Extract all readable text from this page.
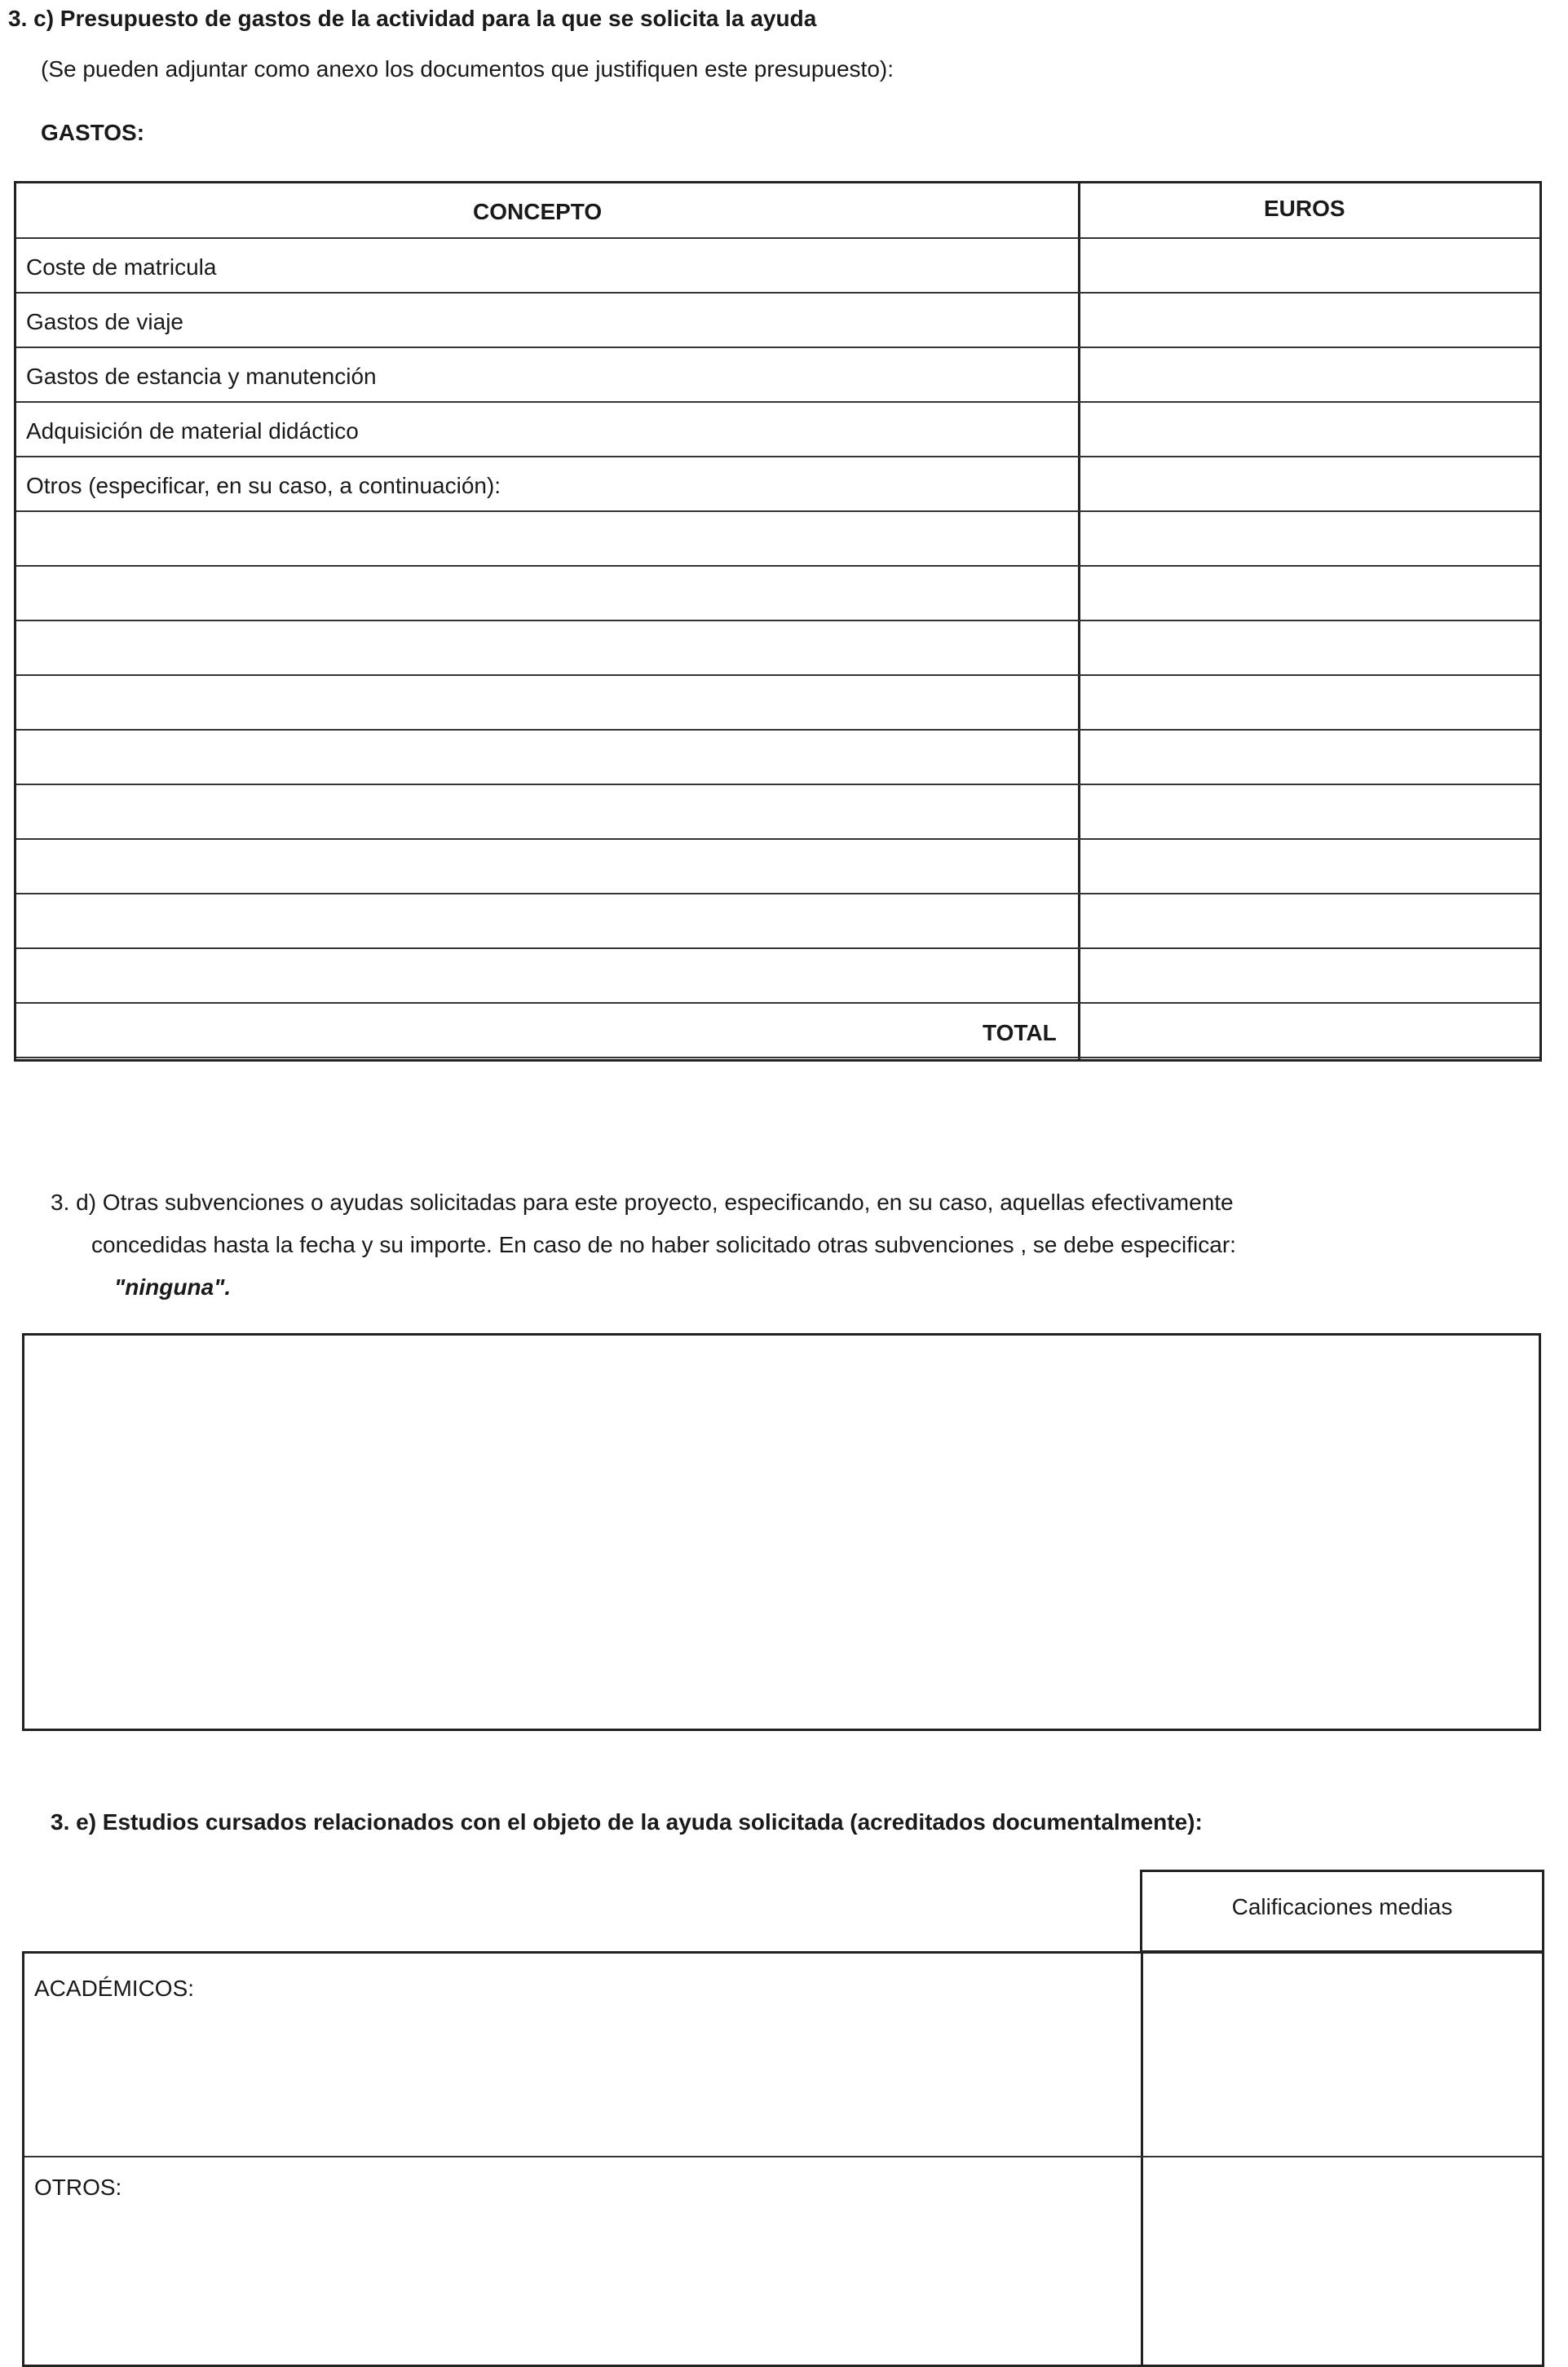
3. c) Presupuesto de gastos de la actividad para la que se solicita la ayuda
(Se pueden adjuntar como anexo los documentos que justifiquen este presupuesto):
GASTOS:
CONCEPTO	EUROS
Coste de matricula
Gastos de viaje
Gastos de estancia y manutención
Adquisición de material didáctico
Otros (especificar, en su caso, a continuación):
TOTAL
3. d) Otras subvenciones o ayudas solicitadas para este proyecto, especificando, en su caso, aquellas efectivamente
concedidas hasta la fecha y su importe. En caso de no haber solicitado otras subvenciones , se debe especificar:
"ninguna".
3. e) Estudios cursados relacionados con el objeto de la ayuda solicitada (acreditados documentalmente):
Calificaciones medias
ACADÉMICOS:
OTROS:
